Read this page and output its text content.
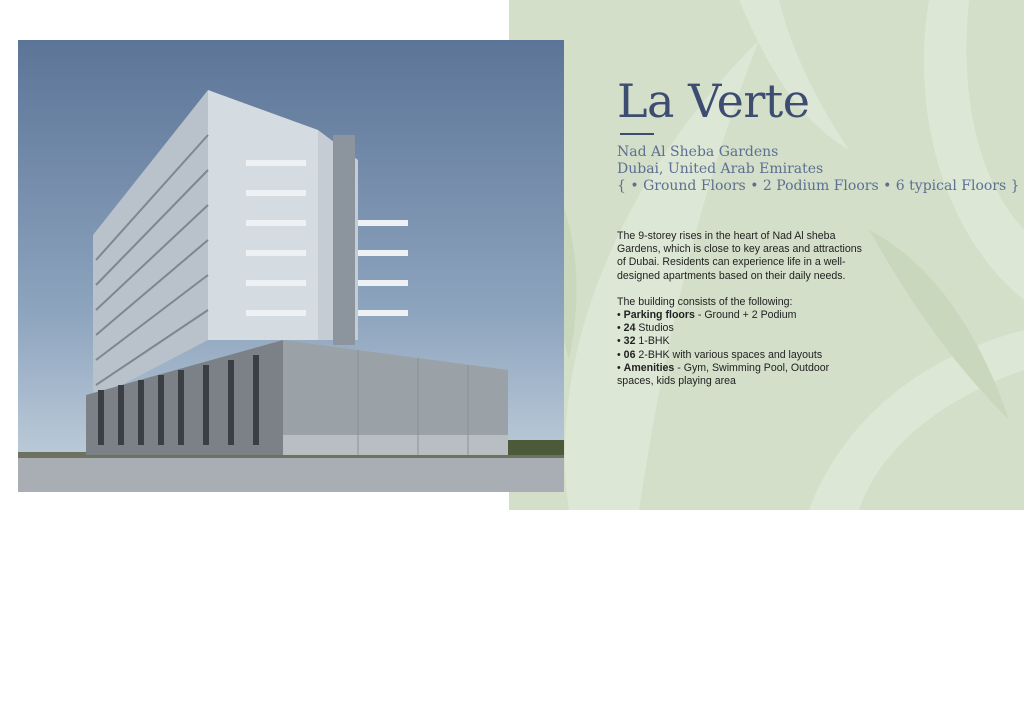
La Verte
Nad Al Sheba Gardens
Dubai, United Arab Emirates
{ • Ground Floors • 2 Podium Floors • 6 typical Floors }

The 9-storey rises in the heart of Nad Al sheba Gardens, which is close to key areas and attractions of Dubai. Residents can experience life in a well-designed apartments based on their daily needs.

The building consists of the following:

• Parking floors - Ground + 2 Podium

• 24 Studios

• 32 1-BHK

• 06 2-BHK with various spaces and layouts

• Amenities - Gym, Swimming Pool, Outdoor spaces, kids playing area
